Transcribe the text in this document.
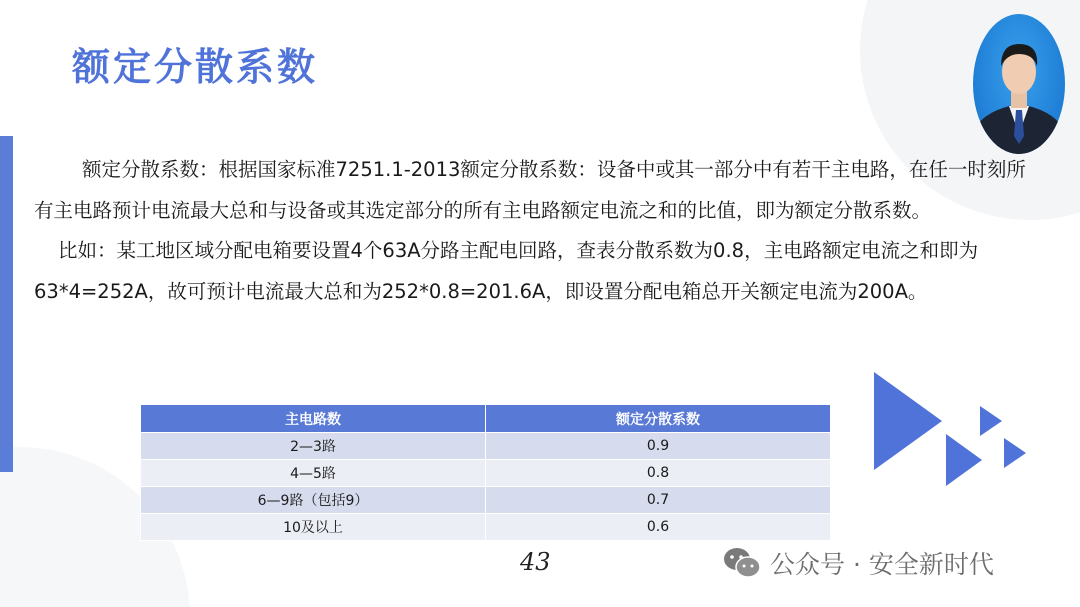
额定分散系数

额定分散系数：根据国家标准7251.1-2013额定分散系数：设备中或其一部分中有若干主电路，在任一时刻所有主电路预计电流最大总和与设备或其选定部分的所有主电路额定电流之和的比值，即为额定分散系数。

比如：某工地区域分配电箱要设置4个63A分路主配电回路，查表分散系数为0.8，主电路额定电流之和即为63*4=252A，故可预计电流最大总和为252*0.8=201.6A，即设置分配电箱总开关额定电流为200A。

主电路数	额定分散系数
2—3路	0.9
4—5路	0.8
6—9路（包括9）	0.7
10及以上	0.6
43	公众号 · 安全新时代
